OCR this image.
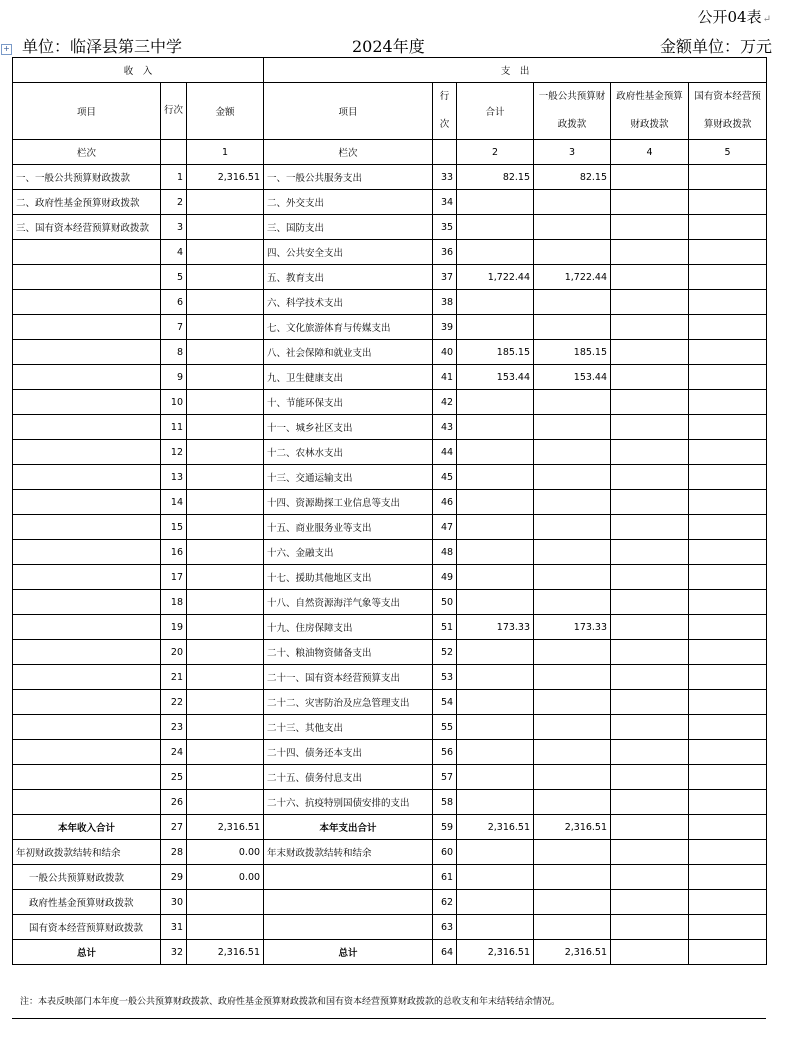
公开04表↵
+ 单位：临泽县第三中学	2024年度	金额单位：万元
收　入			支　出					
项目	行次	金额	项目	行次	合计	一般公共预算财政拨款	政府性基金预算财政拨款	国有资本经营预算财政拨款
栏次		1	栏次		2	3	4	5
一、一般公共预算财政拨款	1	2,316.51	一、一般公共服务支出	33	82.15	82.15		
二、政府性基金预算财政拨款	2		二、外交支出	34				
三、国有资本经营预算财政拨款	3		三、国防支出	35				
	4		四、公共安全支出	36				
	5		五、教育支出	37	1,722.44	1,722.44		
	6		六、科学技术支出	38				
	7		七、文化旅游体育与传媒支出	39				
	8		八、社会保障和就业支出	40	185.15	185.15		
	9		九、卫生健康支出	41	153.44	153.44		
	10		十、节能环保支出	42				
	11		十一、城乡社区支出	43				
	12		十二、农林水支出	44				
	13		十三、交通运输支出	45				
	14		十四、资源勘探工业信息等支出	46				
	15		十五、商业服务业等支出	47				
	16		十六、金融支出	48				
	17		十七、援助其他地区支出	49				
	18		十八、自然资源海洋气象等支出	50				
	19		十九、住房保障支出	51	173.33	173.33		
	20		二十、粮油物资储备支出	52				
	21		二十一、国有资本经营预算支出	53				
	22		二十二、灾害防治及应急管理支出	54				
	23		二十三、其他支出	55				
	24		二十四、债务还本支出	56				
	25		二十五、债务付息支出	57				
	26		二十六、抗疫特别国债安排的支出	58				
本年收入合计	27	2,316.51	本年支出合计	59	2,316.51	2,316.51		
年初财政拨款结转和结余	28	0.00	年末财政拨款结转和结余	60				
一般公共预算财政拨款	29	0.00		61				
政府性基金预算财政拨款	30			62				
国有资本经营预算财政拨款	31			63				
总计	32	2,316.51	总计	64	2,316.51	2,316.51		
注：本表反映部门本年度一般公共预算财政拨款、政府性基金预算财政拨款和国有资本经营预算财政拨款的总收支和年末结转结余情况。
